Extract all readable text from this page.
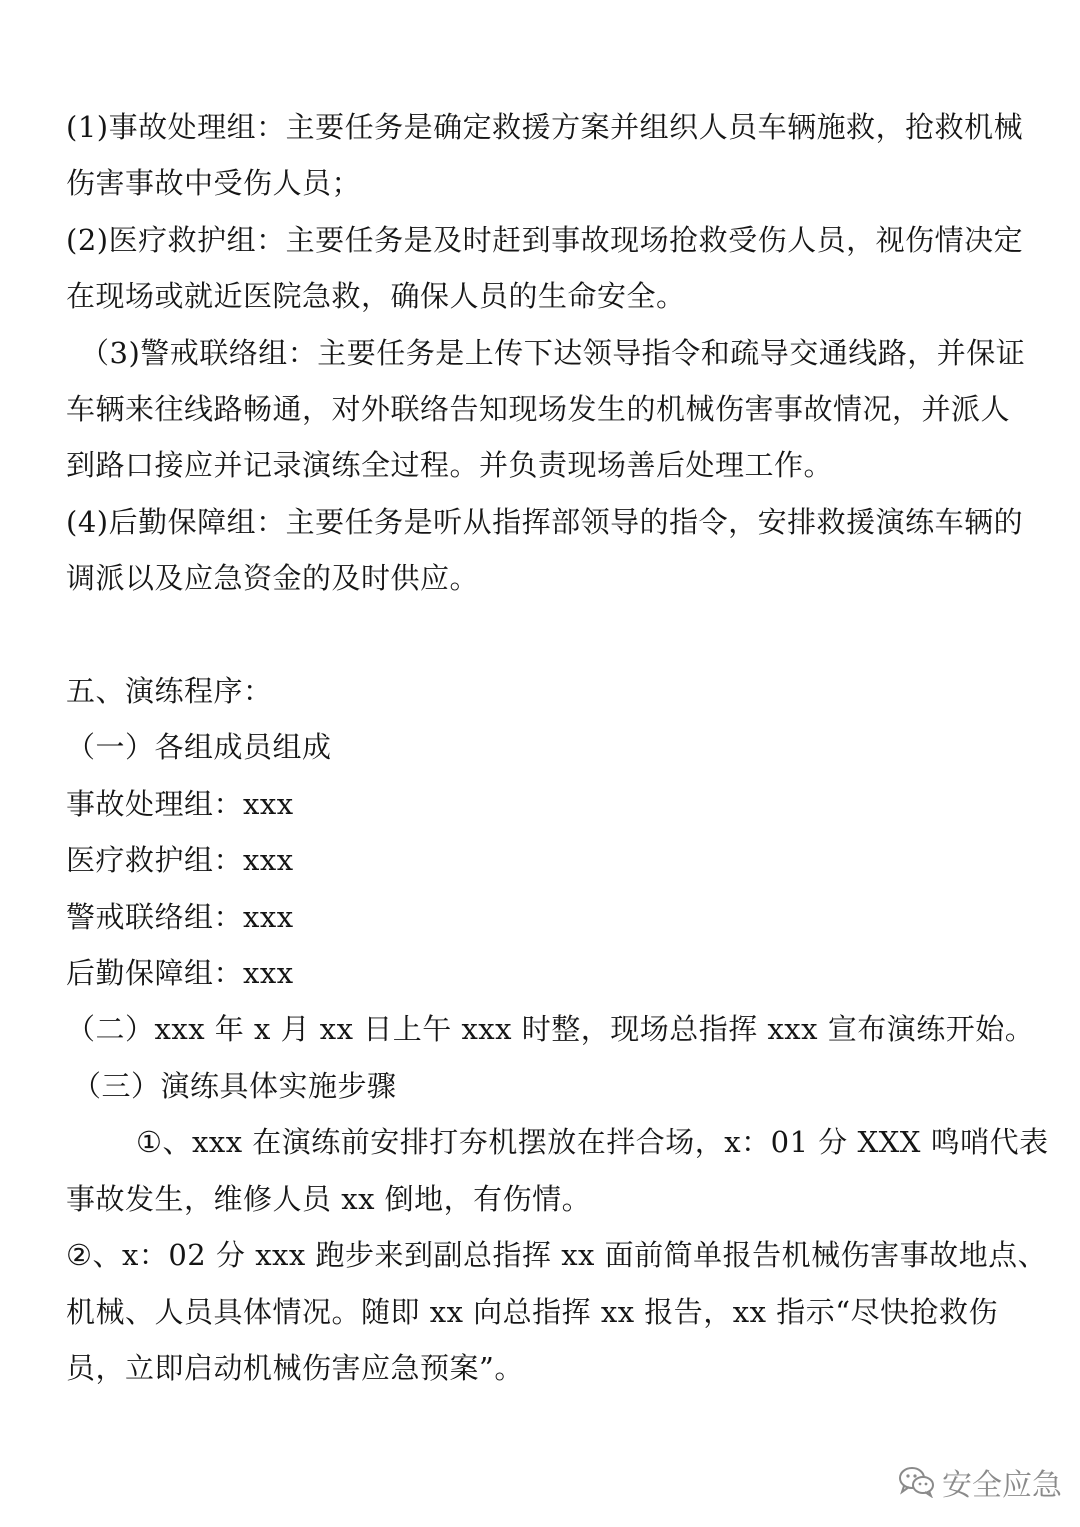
(1)事故处理组：主要任务是确定救援方案并组织人员车辆施救，抢救机械
伤害事故中受伤人员；
(2)医疗救护组：主要任务是及时赶到事故现场抢救受伤人员，视伤情决定
在现场或就近医院急救，确保人员的生命安全。
（3)警戒联络组：主要任务是上传下达领导指令和疏导交通线路，并保证
车辆来往线路畅通，对外联络告知现场发生的机械伤害事故情况，并派人
到路口接应并记录演练全过程。并负责现场善后处理工作。
(4)后勤保障组：主要任务是听从指挥部领导的指令，安排救援演练车辆的
调派以及应急资金的及时供应。
五、演练程序：
（一）各组成员组成
事故处理组：xxx
医疗救护组：xxx
警戒联络组：xxx
后勤保障组：xxx
（二）xxx 年 x 月 xx 日上午 xxx 时整，现场总指挥 xxx 宣布演练开始。
（三）演练具体实施步骤
①、xxx 在演练前安排打夯机摆放在拌合场，x：01 分 XXX 鸣哨代表
事故发生，维修人员 xx 倒地，有伤情。
②、x：02 分 xxx 跑步来到副总指挥 xx 面前简单报告机械伤害事故地点、
机械、人员具体情况。随即 xx 向总指挥 xx 报告，xx 指示“尽快抢救伤
员，立即启动机械伤害应急预案”。
安全应急
